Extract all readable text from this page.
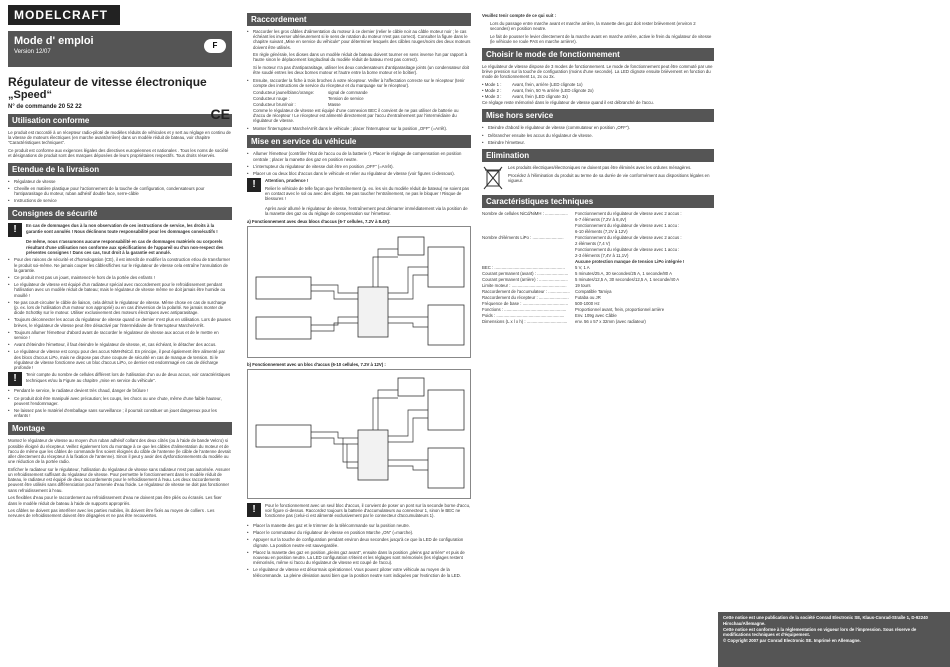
MODELCRAFT
Mode d' emploi
Version 12/07
F
Régulateur de vitesse électronique
„Speed“
N° de commande 20 52 22	CE
Utilisation conforme
Le produit est raccordé à un récepteur radio-piloté de modèles réduits de véhicules et y sert au réglage en continu de la vitesse de moteurs électriques (en marche avant/arrière) dans un modèle réduit de bateau, voir chapitre "Caractéristiques techniques".
Ce produit est conforme aux exigences légales des directives européennes et nationales . Tous les noms de société et désignations de produit sont des marques déposées de leurs propriétaires respectifs. Tous droits réservés.
Etendue de la livraison
• Régulateur de vitesse
• Cheville en matière plastique pour l'actionnement de la touche de configuration, condensateurs pour l'antiparasitage du moteur, ruban adhésif double face, serre-câble
• Instructions de service
Consignes de sécurité
!	En cas de dommages dus à la non observation de ces instructions de service, les droits à la garantie sont annulés ! Nous déclinons toute responsabilité pour les dommages consécutifs !
De même, nous n'assumons aucune responsabilité en cas de dommages matériels ou corporels résultant d'une utilisation non conforme aux spécifications de l'appareil ou d'un non-respect des présentes consignes ! Dans ces cas, tout droit à la garantie est annulé.
• Pour des raisons de sécurité et d'homologation (CE), il est interdit de modifier la construction et/ou de transformer le produit soi-même. Ne jamais couper les câbles/fiches sur le régulateur de vitesse cela entraîne l'annulation de la garantie.
• Ce produit n'est pas un jouet, maintenez-le hors de la portée des enfants !
• Le régulateur de vitesse est équipé d'un radiateur spécial avec raccordement pour le refroidissement pendant l'utilisation avec un modèle réduit de bateau; mais le régulateur de vitesse même ne doit jamais être humide ou mouillé !
• Ne pas court-circuiter le câble de liaison, cela détruit le régulateur de vitesse. Même chose en cas de surcharge (p. ex. lors de l'utilisation d'un moteur non approprié) ou en cas d'inversion de la polarité. Ne jamais monter de diode Schottky sur le moteur. Utiliser exclusivement des moteurs électriques avec antiparasitage.
• Toujours déconnecter les accus du régulateur de vitesse quand ce dernier n'est plus en utilisation. Lors de pauses brèves, le régulateur de vitesse peut être désactivé par l'intermédiaire de l'interrupteur Marche/Arrêt.
• Toujours allumer l'émetteur d'abord avant de raccorder le régulateur de vitesse aux accus et de le mettre en service !
• Avant d'éteindre l'émetteur, il faut éteindre le régulateur de vitesse, et, cas échéant, le détacher des accus.
• Le régulateur de vitesse est conçu pour des accus NiMH/NiCd. En principe, il peut également être alimenté par des blocs d'accus LiPo, mais ne dispose pas d'une coupure de sécurité en cas de manque de tension. Si le régulateur de vitesse fonctionne avec un bloc d'accus LiPo, ce dernier est endommagé en cas de décharge profonde !
!	Tenir compte du nombre de cellules différent lors de l'utilisation d'un ou de deux accus, voir caractéristiques techniques et/ou la Figure au chapitre „mise en service du véhicule".
• Pendant le service, le radiateur devient très chaud, danger de brûlure !
• Ce produit doit être manipulé avec précaution; les coups, les chocs ou une chute, même d'une faible hauteur, peuvent l'endommager.
• Ne laissez pas le matériel d'emballage sans surveillance ; il pourrait constituer un jouet dangereux pour les enfants !
Montage
Montez le régulateur de vitesse au moyen d'un ruban adhésif collant des deux côtés (ou à l'aide de bande Velcro) si possible éloigné du récepteur. Veillez également lors du montage à ce que les câbles d'alimentation du moteur et de l'accu de même que les câbles de commande fins soient éloignés du câble de l'antenne (le câble de l'antenne devrait aller directement du récepteur à la fixation de l'antenne). Sinon il peut y avoir des dysfonctionnements du modèle ou une réduction de la portée radio.
Enficher le radiateur sur le régulateur, l'utilisation du régulateur de vitesse sans radiateur n'est pas autorisée. Assurer un refroidissement suffisant du régulateur de vitesse. Pour permettre le fonctionnement dans le modèle réduit de bateau, le radiateur est équipé de deux raccordements pour le refroidissement à l'eau. Les deux raccordements peuvent être utilisés sans différenciation pour l'amenée d'eau froide. Le régulateur de vitesse ne doit pas fonctionner sans refroidissement à l'eau.
Les flexibles d'eau pour le raccordement au refroidissement d'eau ne doivent pas être pliés ou écrasés. Les fixer dans le modèle réduit de bateau à l'aide de supports appropriés.
Les câbles ne doivent pas interférer avec les parties mobiles, ils doivent être fixés au moyen de colliers . Les nervures de refroidissement doivent être dégagées et ne pas être recouvertes.
Raccordement
• Raccorder les gros câbles d'alimentation du moteur à ce dernier (relier le câble noir au câble moteur noir ; le cas échéant les inverser ultérieurement si le sens de rotation du moteur n'est pas correct). Consulter la figure dans le chapitre suivant „Mise en service du véhicule" pour déterminer lesquels des câbles rouges/noirs des deux moteurs doivent être utilisés.
En règle générale, les dioses dans un modèle réduit de bateau doivent tourner en sens inverse l'un par rapport à l'autre sinon le déplacement longitudinal du modèle réduit de bateau n'est pas correct).
Si le moteur n'a pas d'antiparasitage, utiliser les deux condensateurs d'antiparasitage joints (un condensateur doit être soudé entres les deux bornes moteur et l'autre entre la borne moteur et le boîtier).
• Ensuite, raccorder la fiche à trois broches à votre récepteur. Veiller à l'affectation correcte sur le récepteur (tenir compte des instructions de service du récepteur et du marquage sur le récepteur).
Conducteur jaune/blanc/orange:	signal de commande
Conducteur rouge :	Tension de service
Conducteur brun/noir :	Masse
Comme le régulateur de vitesse est équipé d'une connexion BEC il convient de ne pas utiliser de batterie ou d'accu de récepteur ! Le récepteur est alimenté directement par l'accu d'entraînement par l'intermédiaire du régulateur de vitesse.
• Monter l'interrupteur Marche/Arrêt dans le véhicule ; placer l'interrupteur sur la position „OFF" (=Arrêt).
Mise en service du véhicule
• Allumer l'émetteur (contrôler l'état de l'accu ou de la batterie !). Placer le réglage de compensation en position centrale ; placer la manette des gaz en position neutre.
• L'interrupteur du régulateur de vitesse doit être en position „OFF" (=Arrêt).
• Placer un ou deux bloc d'accus dans le véhicule et relier au régulateur de vitesse (voir figures ci-dessous).
!	Attention, prudence !
Relier le véhicule de telle façon que l'entraînement (p. ex. les vis du modèle réduit de bateau) ne soient pas en contact avec le sol ou avec des objets. Ne pas toucher l'entraînement, ne pas le bloquer ! Risque de blessures !
Après avoir allumé le régulateur de vitesse, l'entraînement peut démarrer immédiatement via la position de la manette des gaz ou du réglage de compensation sur l'émetteur.
a) Fonctionnement avec deux blocs d'accus (6-7 cellules, 7.2V à 8.4V):
b) Fonctionnement avec un bloc d'accus (6-10 cellules, 7.2V à 12V) :
!	Pour le fonctionnement avec un seul bloc d'accus, il convient de poser un pont sur la seconde borne d'accu, voir figure ci-dessus. Raccordez toujours la batterie d'accumulateurs au connecteur 1, sinon le BEC ne fonctionne pas (celui-ci est alimenté exclusivement par le connecteur d'accumulateurs 1).
• Placer la manette des gaz et le trimmer de la télécommande sur la position neutre.
• Placer le commutateur du régulateur de vitesse en position Marche „ON" (=marche).
• Appuyer sur la touche de configuration pendant environ deux secondes jusqu'à ce que la LED de configuration clignote. La position neutre est sauvegardée.
• Placez la manette des gaz en position „pleins gaz avant", ensuite dans la position „pleins gaz arrière" et puis de nouveau en position neutre. La LED configuration s'éteint et les réglages sont mémorisés (les réglages restent mémorisés, même si l'accu du régulateur de vitesse est coupé de l'accu).
• Le régulateur de vitesse est désormais opérationnel. Vous pouvez piloter votre véhicule au moyen de la télécommande. La pleine déviation aussi bien que la position neutre sont indiquées par l'extinction de la LED.
Veuillez tenir compte de ce qui suit :
Lors du passage entre marche avant et marche arrière, la manette des gaz doit rester brièvement (environ 2 secondes) en position neutre.
Le fait de pousser le levier directement de la marche avant en marche arrière, active le frein du régulateur de vitesse (le véhicule ne roule PAS en marche arrière!).
Choisir le mode de fonctionnement
Le régulateur de vitesse dispose de 3 modes de fonctionnement. Le mode de fonctionnement peut être commuté par une brève pression sur la touche de configuration (moins d'une seconde). La LED clignote ensuite brièvement en fonction du mode de fonctionnement 1x, 2x ou 3x.
• Mode 1 :	Avant, frein, arrière (LED clignote 1x)
• Mode 2 :	Avant, frein, 50 % arrière (LED clignote 2x)
• Mode 3 :	Avant, frein (LED clignote 3x)
Ce réglage reste mémorisé dans le régulateur de vitesse quand il est débranché de l'accu.
Mise hors service
• Eteindre d'abord le régulateur de vitesse (commutateur en position „OFF").
• Débrancher ensuite les accus du régulateur de vitesse.
• Eteindre l'émetteur.
Elimination
Les produits électriques/électroniques ne doivent pas être éliminés avec les ordures ménagères.
Procédez à l'élimination du produit au terme de sa durée de vie conformément aux dispositions légales en vigueur.
Caractéristiques techniques
Nombre de cellules NiCd/NiMH : ...................	Fonctionnement du régulateur de vitesse avec 2 accus :
6-7 éléments (7,2V à 8,4V)
Fonctionnement du régulateur de vitesse avec 1 accu :
6-10 éléments (7,2V à 12V)
Nombre d'éléments LiPo : ..........................	Fonctionnement du régulateur de vitesse avec 2 accus :
2 éléments (7,4 V)
Fonctionnement du régulateur de vitesse avec 1 accu :
2-3 éléments (7,4V à 11,1V)
Aucune protection manque de tension LiPo intégrée !
BEC : ...........................................................	5 V, 1 A
Courant permanent (avant) : ..........................	5 minutes/25 A, 30 secondes/25 A, 1 seconde/80 A
Courant permanent (arrière) : ........................	5 minutes/12,5 A, 30 secondes/12,5 A, 1 seconde/40 A
Limite moteur : ..............................................	19 tours
Raccordement de l'accumulateur : ..................	Compatible Tamiya
Raccordement du récepteur : .........................	Futaba ou JR
Fréquence de base : ......................................	500-1000 Hz
Fonctions : ....................................................	Proportionnel avant, frein, proportionnel arrière
Poids : .........................................................	Env. 109g avec Câble
Dimensions (L x l x h) : ..................................	env. 56 x 57 x 32mm (avec radiateur)
Cette notice est une publication de la société Conrad Electronic SE, Klaus-Conrad-Straße 1, D-92240 Hirschau/Allemagne.
Cette notice est conforme à la réglementation en vigueur lors de l'impression. Sous réserve de modifications techniques et d'équipement.
© Copyright 2007 par Conrad Electronic SE. Imprimé en Allemagne.
